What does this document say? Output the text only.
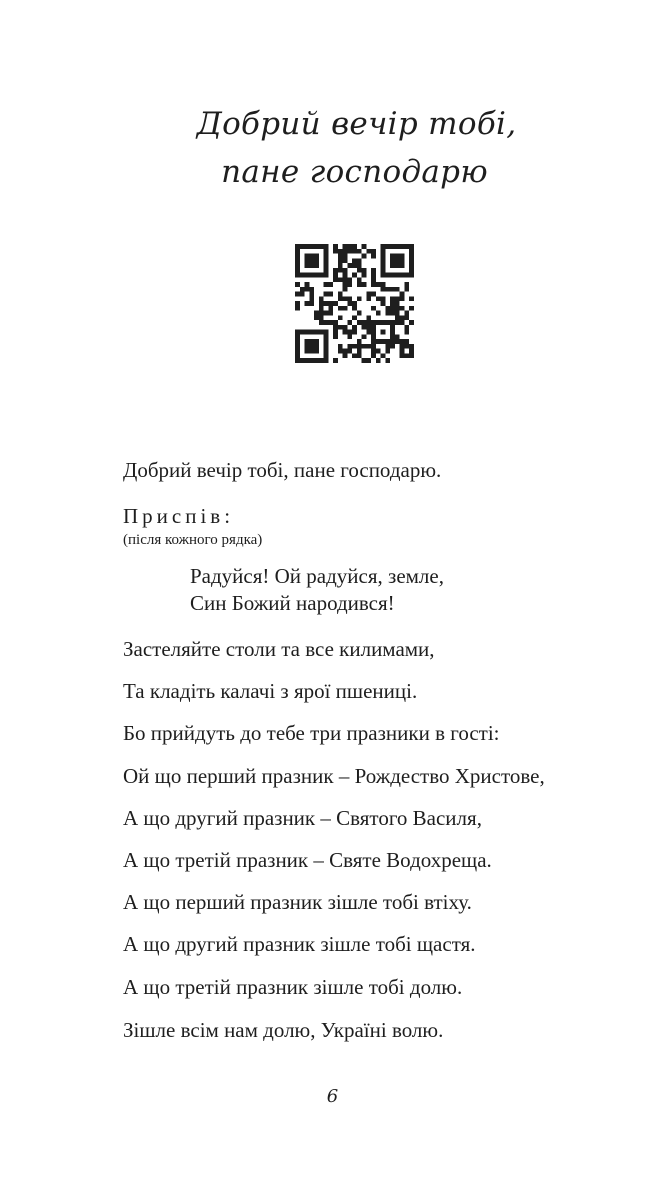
Добрий вечір тобі,
пане господарю
Добрий вечір тобі, пане господарю.
Приспів:
(після кожного рядка)
Радуйся! Ой радуйся, земле,
Син Божий народився!
Застеляйте столи та все килимами,
Та кладіть калачі з ярої пшениці.
Бо прийдуть до тебе три празники в гості:
Ой що перший празник – Рождество Христове,
А що другий празник – Святого Василя,
А що третій празник – Святе Водохреща.
А що перший празник зішле тобі втіху.
А що другий празник зішле тобі щастя.
А що третій празник зішле тобі долю.
Зішле всім нам долю, Україні волю.
6
